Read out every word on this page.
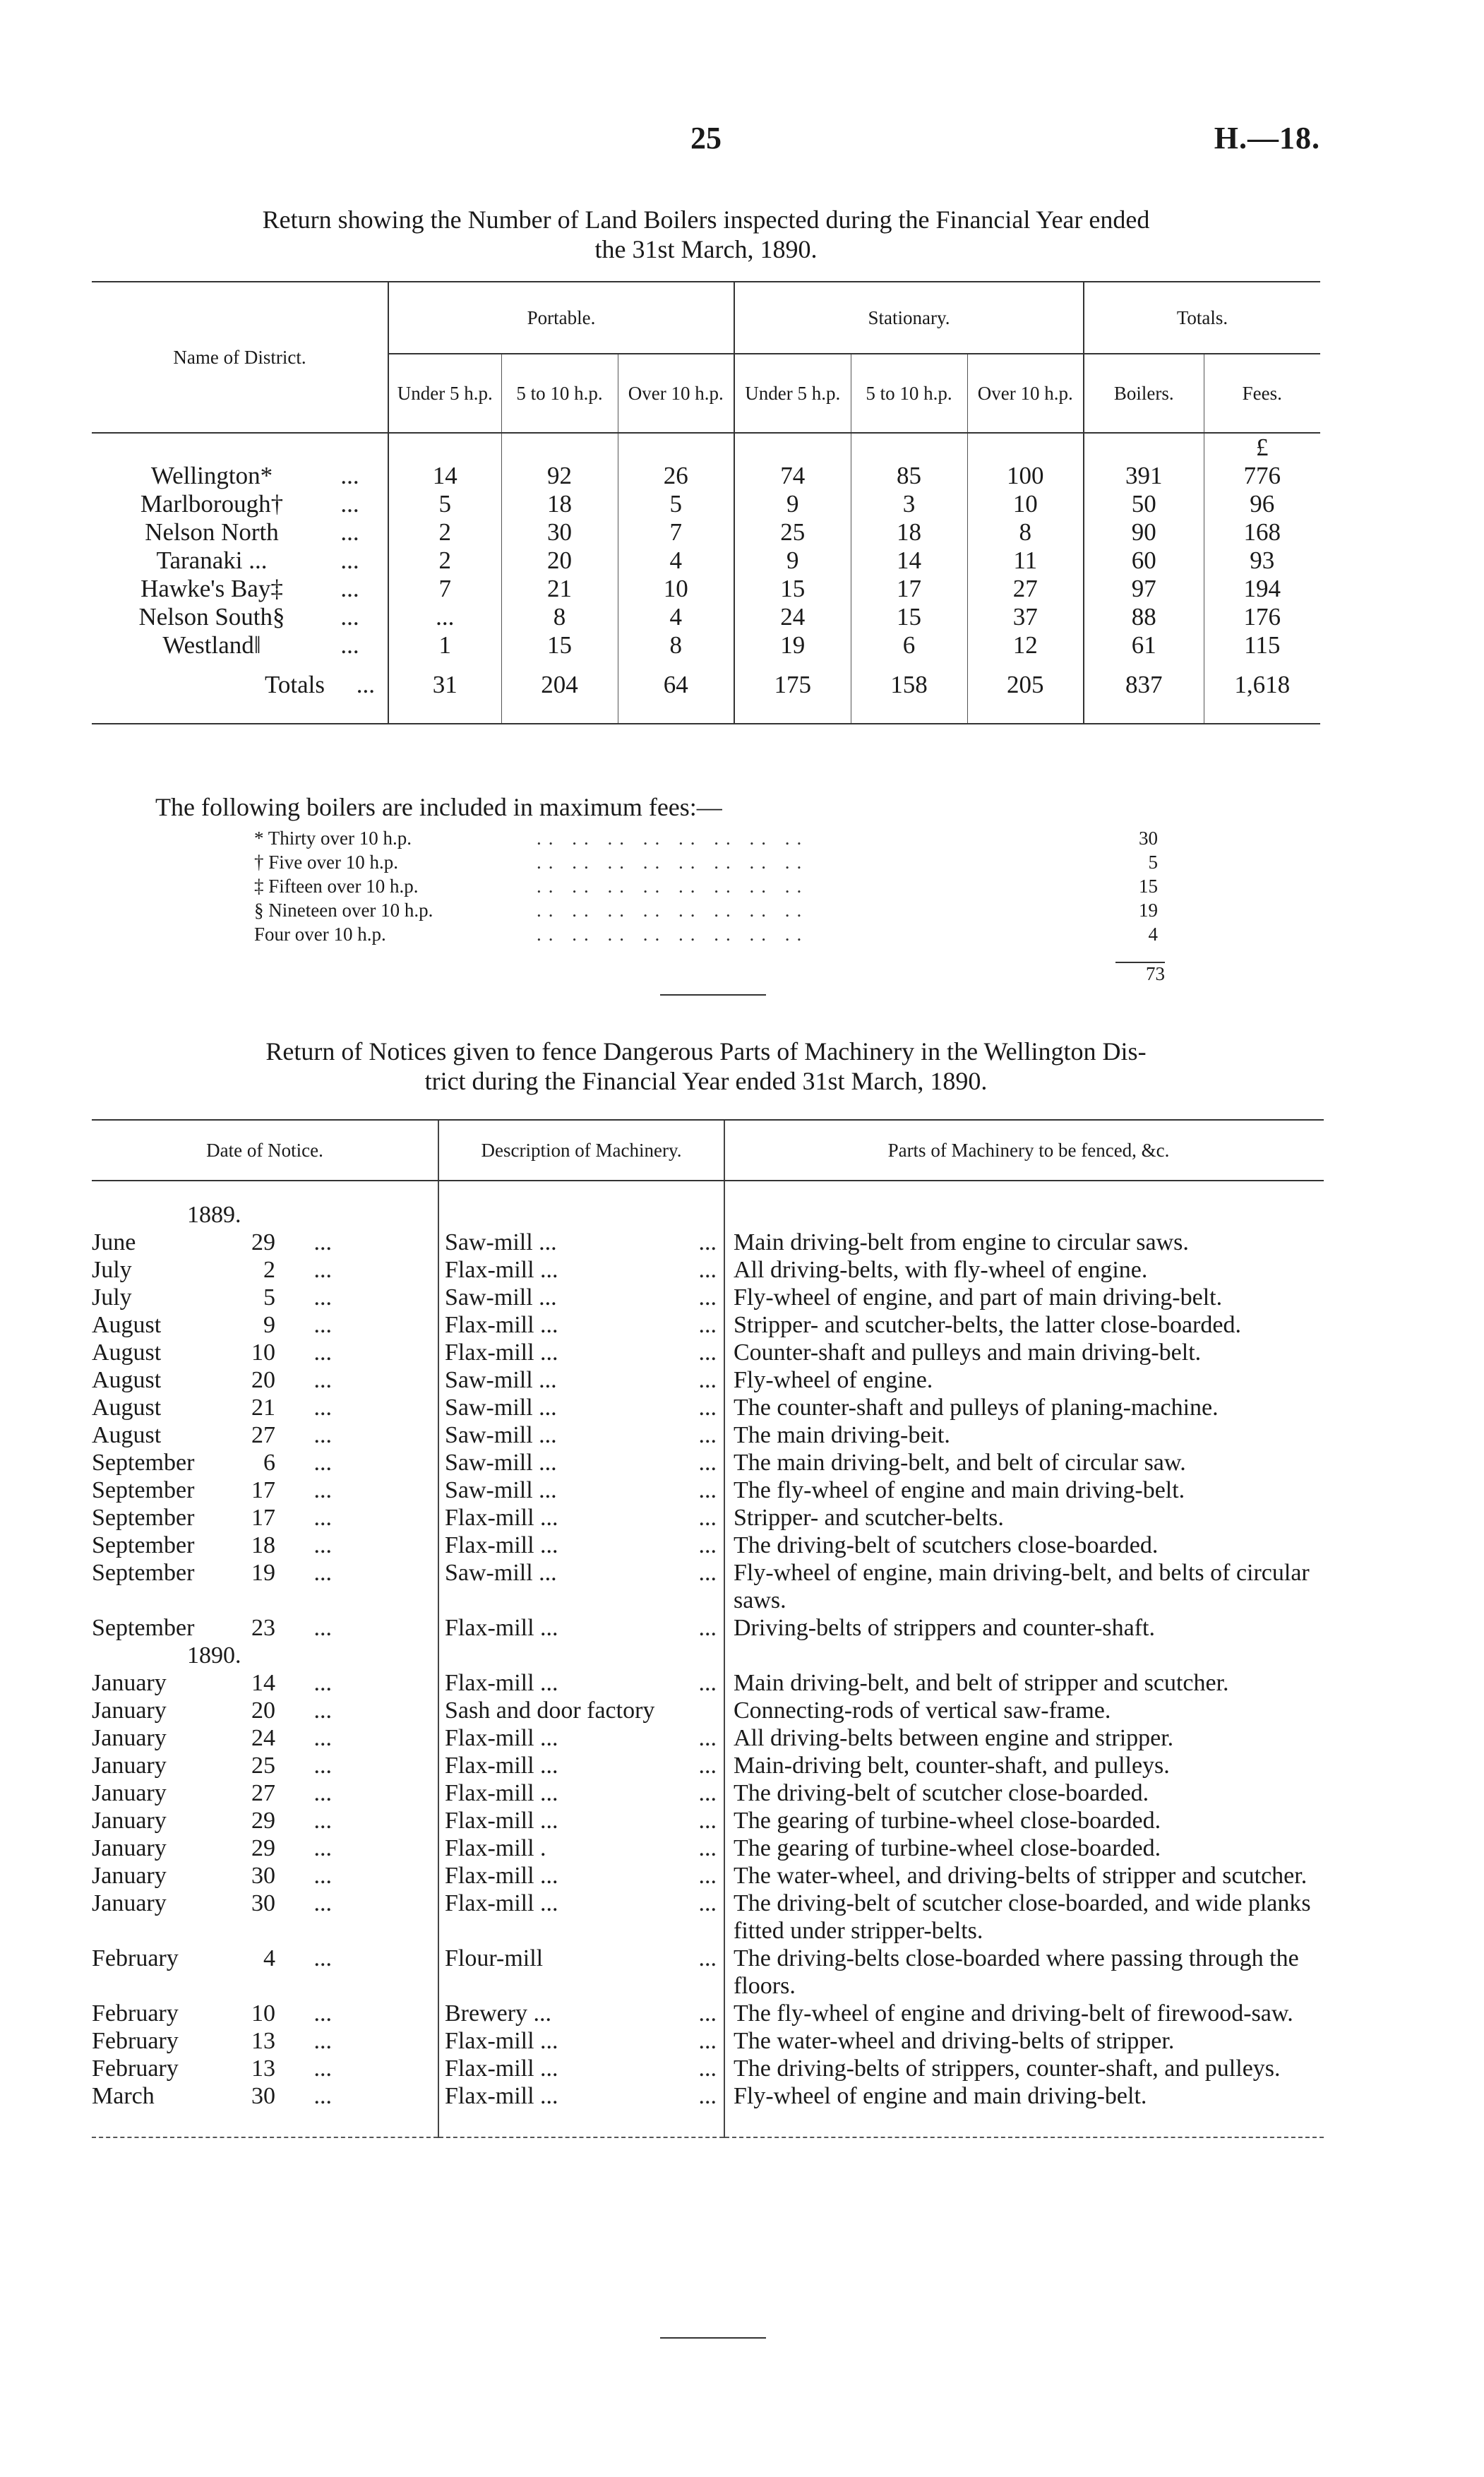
25	H.—18.
Return showing the Number of Land Boilers inspected during the Financial Year ended
the 31st March, 1890.
Name of District.		Portable.			Stationary.			Totals.	
		Under 5 h.p.	5 to 10 h.p.	Over 10 h.p.	Under 5 h.p.	5 to 10 h.p.	Over 10 h.p.	Boilers.	Fees.
									£
Wellington*	...	14	92	26	74	85	100	391	776
Marlborough†	...	5	18	5	9	3	10	50	96
Nelson North	...	2	30	7	25	18	8	90	168
Taranaki ...	...	2	20	4	9	14	11	60	93
Hawke's Bay‡	...	7	21	10	15	17	27	97	194
Nelson South§	...	...	8	4	24	15	37	88	176
Westland‖	...	1	15	8	19	6	12	61	115
Totals	...	31	204	64	175	158	205	837	1,618

The following boilers are included in maximum fees:—
* Thirty over 10 h.p.	.. .. .. .. .. .. .. ..	30
† Five over 10 h.p.	.. .. .. .. .. .. .. ..	5
‡ Fifteen over 10 h.p.	.. .. .. .. .. .. .. ..	15
§ Nineteen over 10 h.p.	.. .. .. .. .. .. .. ..	19
Four over 10 h.p.	.. .. .. .. .. .. .. ..	4
73
Return of Notices given to fence Dangerous Parts of Machinery in the Wellington Dis-
trict during the Financial Year ended 31st March, 1890.
Date of Notice.	Description of Machinery.	Parts of Machinery to be fenced, &c.

1889.		
June 29 ...	Saw-mill ... ...	Main driving-belt from engine to circular saws.
July 2 ...	Flax-mill ... ...	All driving-belts, with fly-wheel of engine.
July 5 ...	Saw-mill ... ...	Fly-wheel of engine, and part of main driving-belt.
August 9 ...	Flax-mill ... ...	Stripper- and scutcher-belts, the latter close-boarded.
August 10 ...	Flax-mill ... ...	Counter-shaft and pulleys and main driving-belt.
August 20 ...	Saw-mill ... ...	Fly-wheel of engine.
August 21 ...	Saw-mill ... ...	The counter-shaft and pulleys of planing-machine.
August 27 ...	Saw-mill ... ...	The main driving-beit.
September 6 ...	Saw-mill ... ...	The main driving-belt, and belt of circular saw.
September 17 ...	Saw-mill ... ...	The fly-wheel of engine and main driving-belt.
September 17 ...	Flax-mill ... ...	Stripper- and scutcher-belts.
September 18 ...	Flax-mill ... ...	The driving-belt of scutchers close-boarded.
September 19 ...	Saw-mill ... ...	Fly-wheel of engine, main driving-belt, and belts of circular saws.
September 23 ...	Flax-mill ... ...	Driving-belts of strippers and counter-shaft.
1890.		
January 14 ...	Flax-mill ... ...	Main driving-belt, and belt of stripper and scutcher.
January 20 ...	Sash and door factory	Connecting-rods of vertical saw-frame.
January 24 ...	Flax-mill ... ...	All driving-belts between engine and stripper.
January 25 ...	Flax-mill ... ...	Main-driving belt, counter-shaft, and pulleys.
January 27 ...	Flax-mill ... ...	The driving-belt of scutcher close-boarded.
January 29 ...	Flax-mill ... ...	The gearing of turbine-wheel close-boarded.
January 29 ...	Flax-mill . ...	The gearing of turbine-wheel close-boarded.
January 30 ...	Flax-mill ... ...	The water-wheel, and driving-belts of stripper and scutcher.
January 30 ...	Flax-mill ... ...	The driving-belt of scutcher close-boarded, and wide planks fitted under stripper-belts.
February 4 ...	Flour-mill ...	The driving-belts close-boarded where passing through the floors.
February 10 ...	Brewery ... ...	The fly-wheel of engine and driving-belt of firewood-saw.
February 13 ...	Flax-mill ... ...	The water-wheel and driving-belts of stripper.
February 13 ...	Flax-mill ... ...	The driving-belts of strippers, counter-shaft, and pulleys.
March 30 ...	Flax-mill ... ...	Fly-wheel of engine and main driving-belt.
